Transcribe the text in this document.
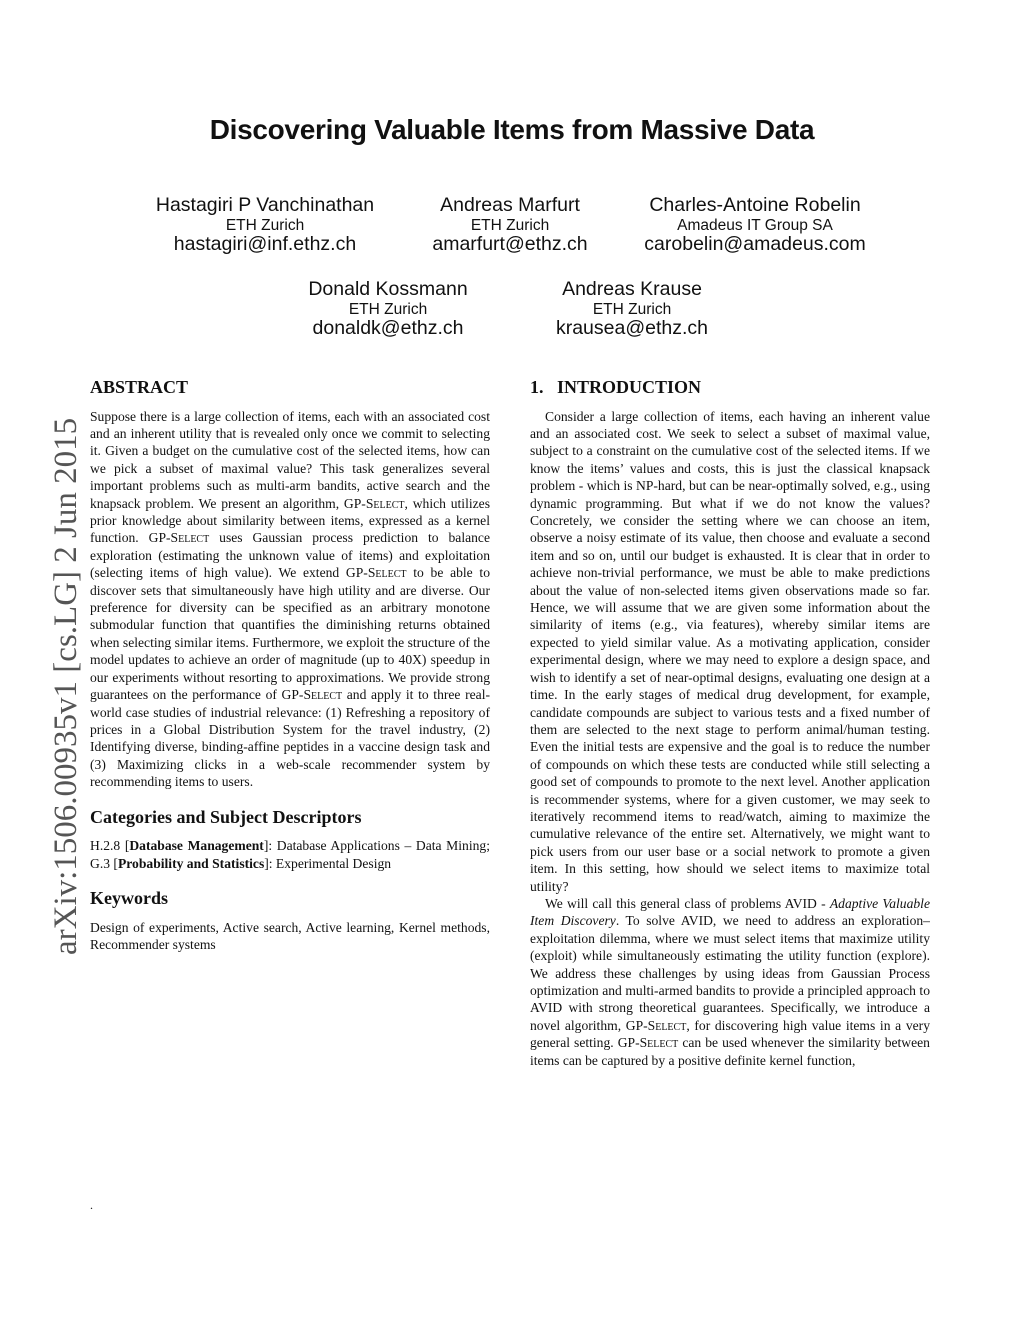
Discovering Valuable Items from Massive Data
Hastagiri P Vanchinathan
ETH Zurich
hastagiri@inf.ethz.ch
Andreas Marfurt
ETH Zurich
amarfurt@ethz.ch
Charles-Antoine Robelin
Amadeus IT Group SA
carobelin@amadeus.com
Donald Kossmann
ETH Zurich
donaldk@ethz.ch
Andreas Krause
ETH Zurich
krausea@ethz.ch
arXiv:1506.00935v1 [cs.LG] 2 Jun 2015
ABSTRACT

Suppose there is a large collection of items, each with an associated cost and an inherent utility that is revealed only once we commit to selecting it. Given a budget on the cumulative cost of the selected items, how can we pick a subset of maximal value? This task generalizes several important problems such as multi-arm bandits, active search and the knapsack problem. We present an algorithm, GP-Select, which utilizes prior knowledge about similarity between items, expressed as a kernel function. GP-Select uses Gaussian process prediction to balance exploration (estimating the unknown value of items) and exploitation (selecting items of high value). We extend GP-Select to be able to discover sets that simultaneously have high utility and are diverse. Our preference for diversity can be specified as an arbitrary monotone submodular function that quantifies the diminishing returns obtained when selecting similar items. Furthermore, we exploit the structure of the model updates to achieve an order of magnitude (up to 40X) speedup in our experiments without resorting to approximations. We provide strong guarantees on the performance of GP-Select and apply it to three real-world case studies of industrial relevance: (1) Refreshing a repository of prices in a Global Distribution System for the travel industry, (2) Identifying diverse, binding-affine peptides in a vaccine design task and (3) Maximizing clicks in a web-scale recommender system by recommending items to users.

Categories and Subject Descriptors

H.2.8 [Database Management]: Database Applications – Data Mining; G.3 [Probability and Statistics]: Experimental Design

Keywords

Design of experiments, Active search, Active learning, Kernel methods, Recommender systems

1.   INTRODUCTION

Consider a large collection of items, each having an inherent value and an associated cost. We seek to select a subset of maximal value, subject to a constraint on the cumulative cost of the selected items. If we know the items’ values and costs, this is just the classical knapsack problem - which is NP-hard, but can be near-optimally solved, e.g., using dynamic programming. But what if we do not know the values? Concretely, we consider the setting where we can choose an item, observe a noisy estimate of its value, then choose and evaluate a second item and so on, until our budget is exhausted. It is clear that in order to achieve non-trivial performance, we must be able to make predictions about the value of non-selected items given observations made so far. Hence, we will assume that we are given some information about the similarity of items (e.g., via features), whereby similar items are expected to yield similar value. As a motivating application, consider experimental design, where we may need to explore a design space, and wish to identify a set of near-optimal designs, evaluating one design at a time. In the early stages of medical drug development, for example, candidate compounds are subject to various tests and a fixed number of them are selected to the next stage to perform animal/human testing. Even the initial tests are expensive and the goal is to reduce the number of compounds on which these tests are conducted while still selecting a good set of compounds to promote to the next level. Another application is recommender systems, where for a given customer, we may seek to iteratively recommend items to read/watch, aiming to maximize the cumulative relevance of the entire set. Alternatively, we might want to pick users from our user base or a social network to promote a given item. In this setting, how should we select items to maximize total utility?

We will call this general class of problems AVID - Adaptive Valuable Item Discovery. To solve AVID, we need to address an exploration–exploitation dilemma, where we must select items that maximize utility (exploit) while simultaneously estimating the utility function (explore). We address these challenges by using ideas from Gaussian Process optimization and multi-armed bandits to provide a principled approach to AVID with strong theoretical guarantees. Specifically, we introduce a novel algorithm, GP-Select, for discovering high value items in a very general setting. GP-Select can be used whenever the similarity between items can be captured by a positive definite kernel function,

.
